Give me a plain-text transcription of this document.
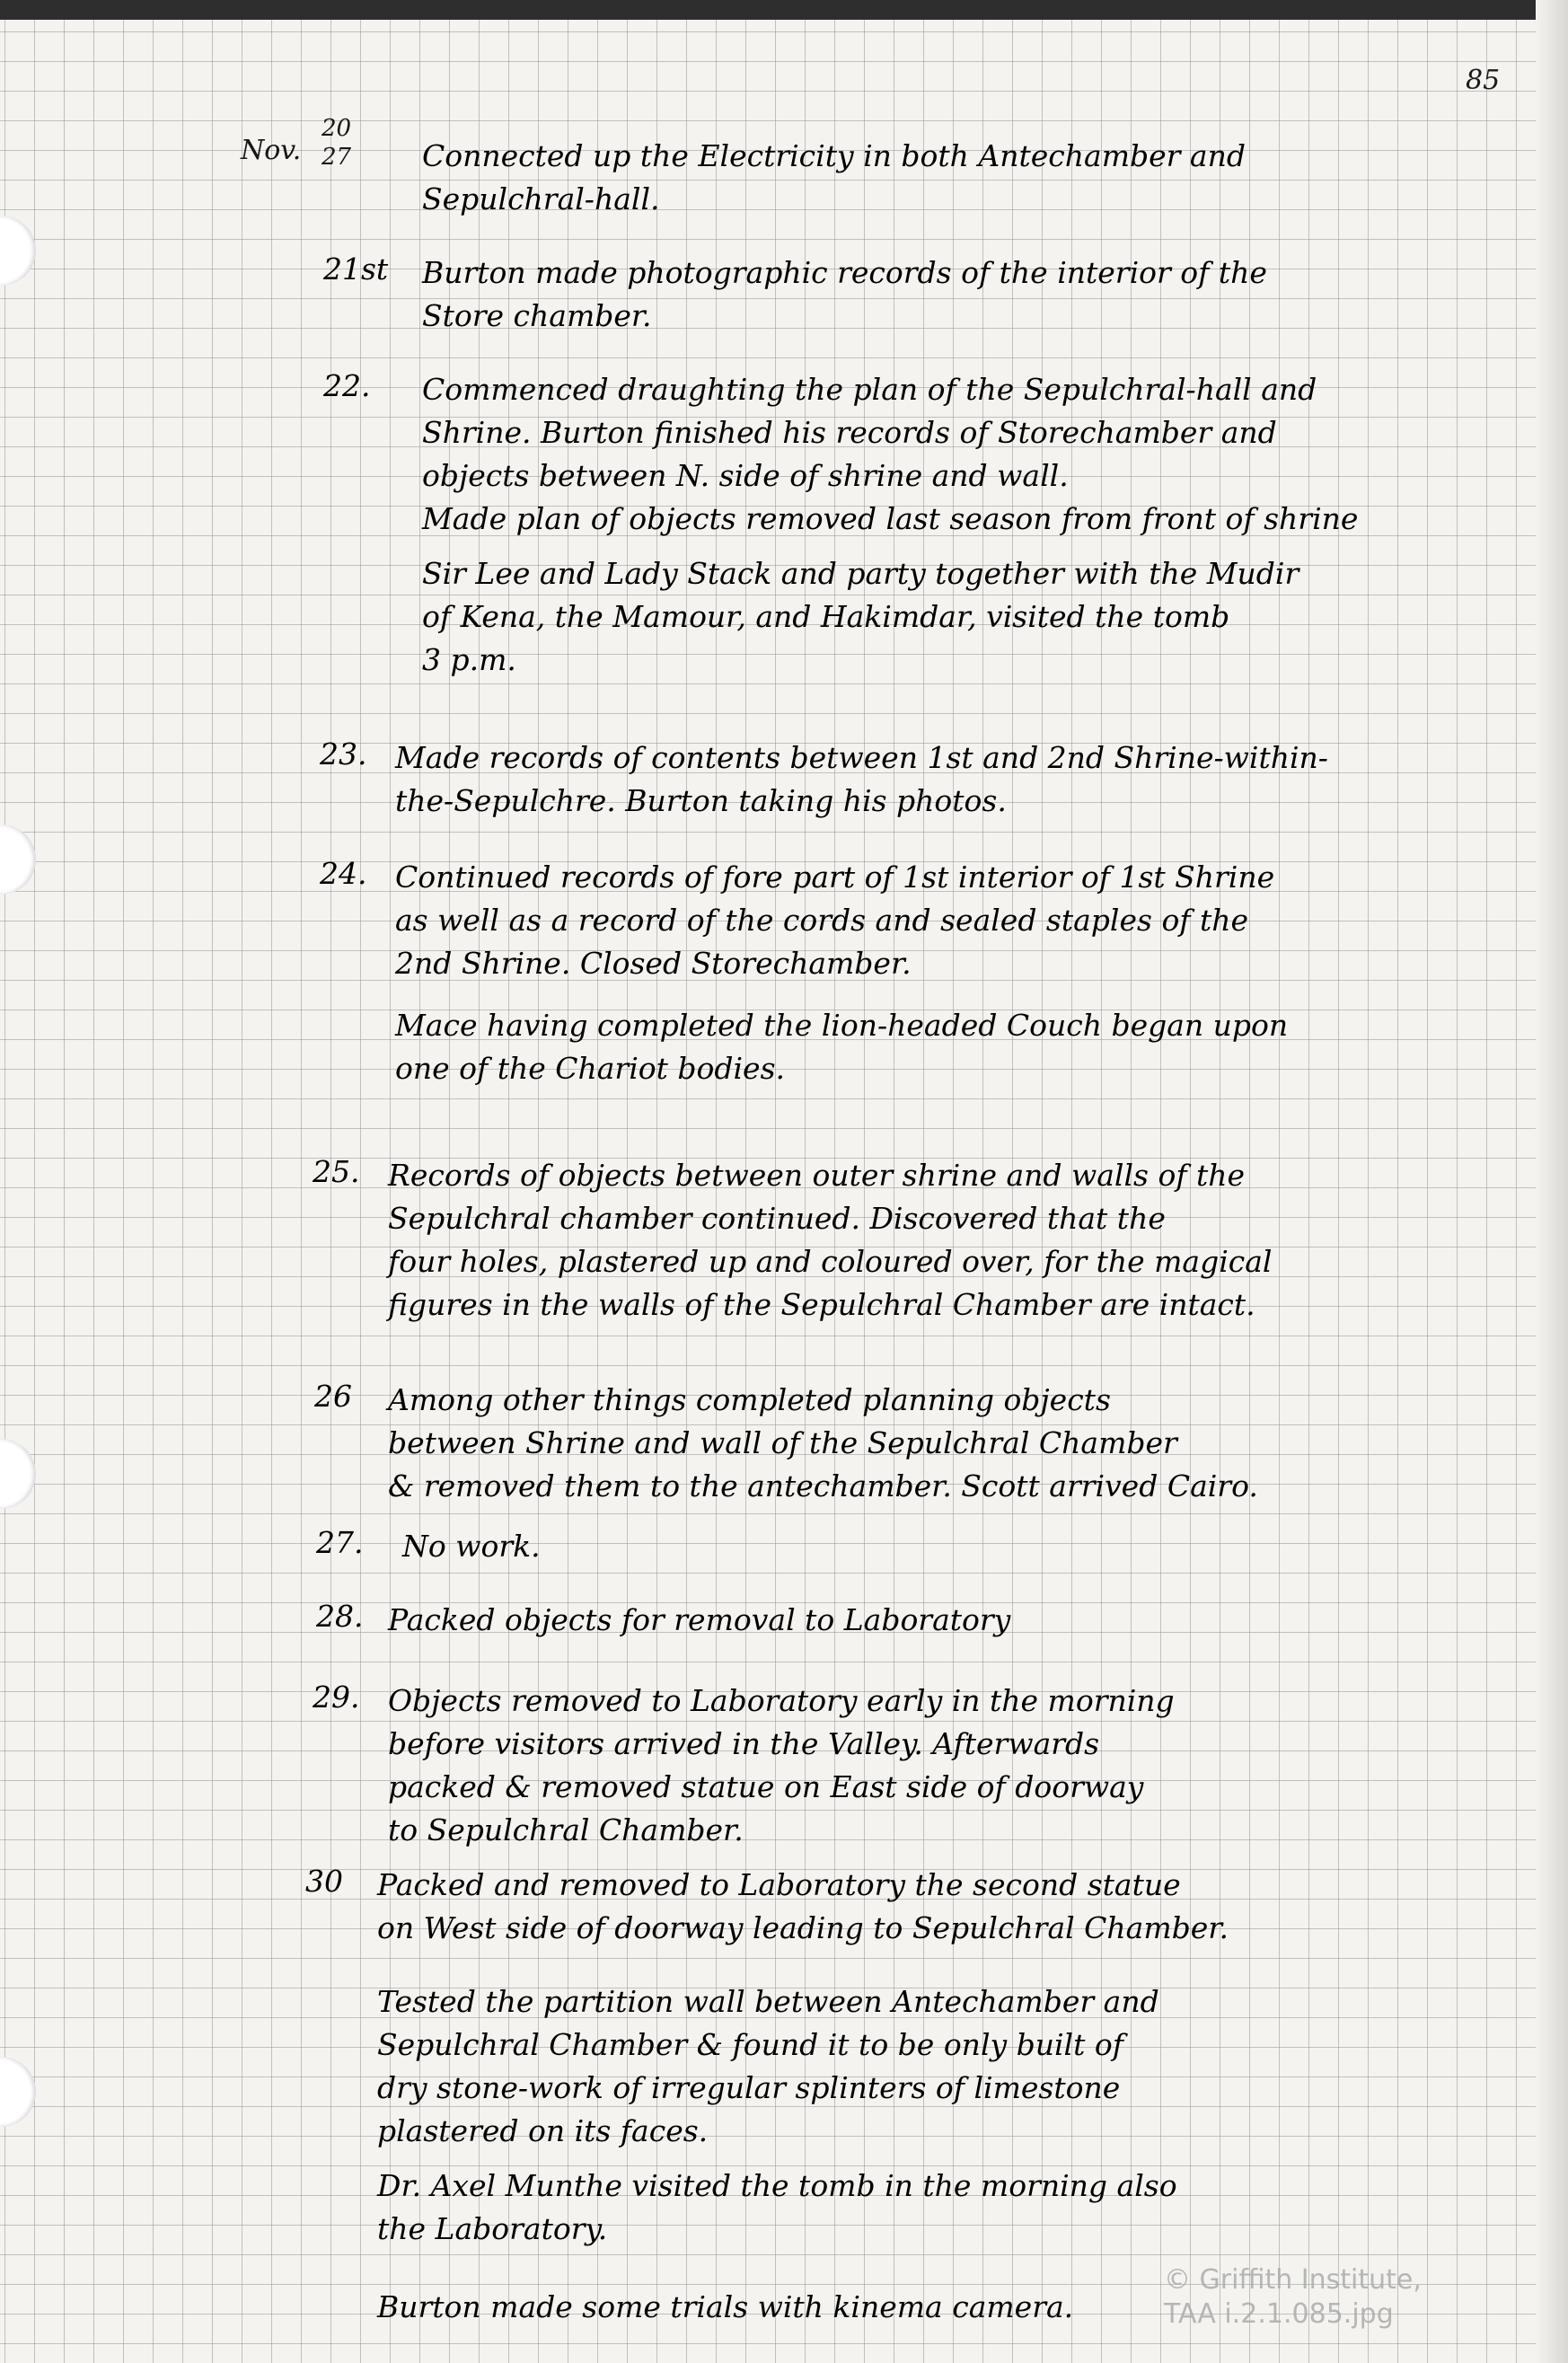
85
Nov.
20
27 Connected up the Electricity in both Antechamber and
Sepulchral-hall.
21st Burton made photographic records of the interior of the
Store chamber.
22. Commenced draughting the plan of the Sepulchral-hall and
Shrine. Burton finished his records of Storechamber and
objects between N. side of shrine and wall.
Made plan of objects removed last season from front of shrine
Sir Lee and Lady Stack and party together with the Mudir
of Kena, the Mamour, and Hakimdar, visited the tomb
3 p.m.
23. Made records of contents between 1st and 2nd Shrine-within-
the-Sepulchre. Burton taking his photos.
24. Continued records of fore part of 1st interior of 1st Shrine
as well as a record of the cords and sealed staples of the
2nd Shrine. Closed Storechamber.
Mace having completed the lion-headed Couch began upon
one of the Chariot bodies.
25. Records of objects between outer shrine and walls of the
Sepulchral chamber continued. Discovered that the
four holes, plastered up and coloured over, for the magical
figures in the walls of the Sepulchral Chamber are intact.
26 Among other things completed planning objects
between Shrine and wall of the Sepulchral Chamber
& removed them to the antechamber. Scott arrived Cairo.
27. No work.
28. Packed objects for removal to Laboratory
29. Objects removed to Laboratory early in the morning
before visitors arrived in the Valley. Afterwards
packed & removed statue on East side of doorway
to Sepulchral Chamber.
30 Packed and removed to Laboratory the second statue
on West side of doorway leading to Sepulchral Chamber.
Tested the partition wall between Antechamber and
Sepulchral Chamber & found it to be only built of
dry stone-work of irregular splinters of limestone
plastered on its faces.
Dr. Axel Munthe visited the tomb in the morning also
the Laboratory.
Burton made some trials with kinema camera.
© Griffith Institute,
TAA i.2.1.085.jpg
